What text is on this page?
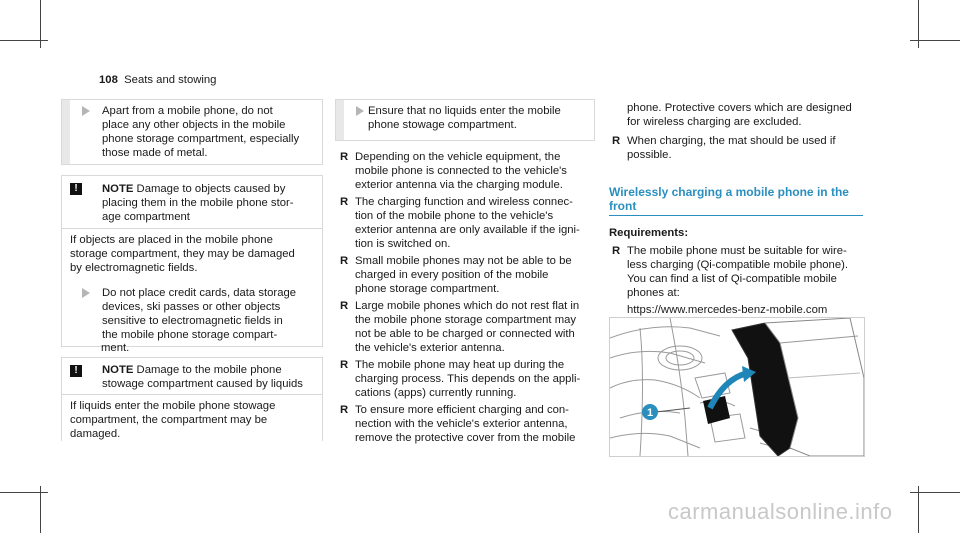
108 Seats and stowing
Apart from a mobile phone, do not
place any other objects in the mobile
phone storage compartment, especially
those made of metal.
!	NOTE Damage to objects caused by
placing them in the mobile phone stor-
age compartment
If objects are placed in the mobile phone
storage compartment, they may be damaged
by electromagnetic fields.
Do not place credit cards, data storage
devices, ski passes or other objects
sensitive to electromagnetic fields in
the mobile phone storage compart-
ment.
!	NOTE Damage to the mobile phone
stowage compartment caused by liquids
If liquids enter the mobile phone stowage
compartment, the compartment may be
damaged.
Ensure that no liquids enter the mobile
phone stowage compartment.
R Depending on the vehicle equipment, the
mobile phone is connected to the vehicle's
exterior antenna via the charging module.
R The charging function and wireless connec-
tion of the mobile phone to the vehicle's
exterior antenna are only available if the igni-
tion is switched on.
R Small mobile phones may not be able to be
charged in every position of the mobile
phone storage compartment.
R Large mobile phones which do not rest flat in
the mobile phone storage compartment may
not be able to be charged or connected with
the vehicle's exterior antenna.
R The mobile phone may heat up during the
charging process. This depends on the appli-
cations (apps) currently running.
R To ensure more efficient charging and con-
nection with the vehicle's exterior antenna,
remove the protective cover from the mobile
phone. Protective covers which are designed
for wireless charging are excluded.
R When charging, the mat should be used if
possible.
Wirelessly charging a mobile phone in the
front
Requirements:
R The mobile phone must be suitable for wire-
less charging (Qi-compatible mobile phone).
You can find a list of Qi-compatible mobile
phones at:
https://www.mercedes-benz-mobile.com
1
carmanualsonline.info
